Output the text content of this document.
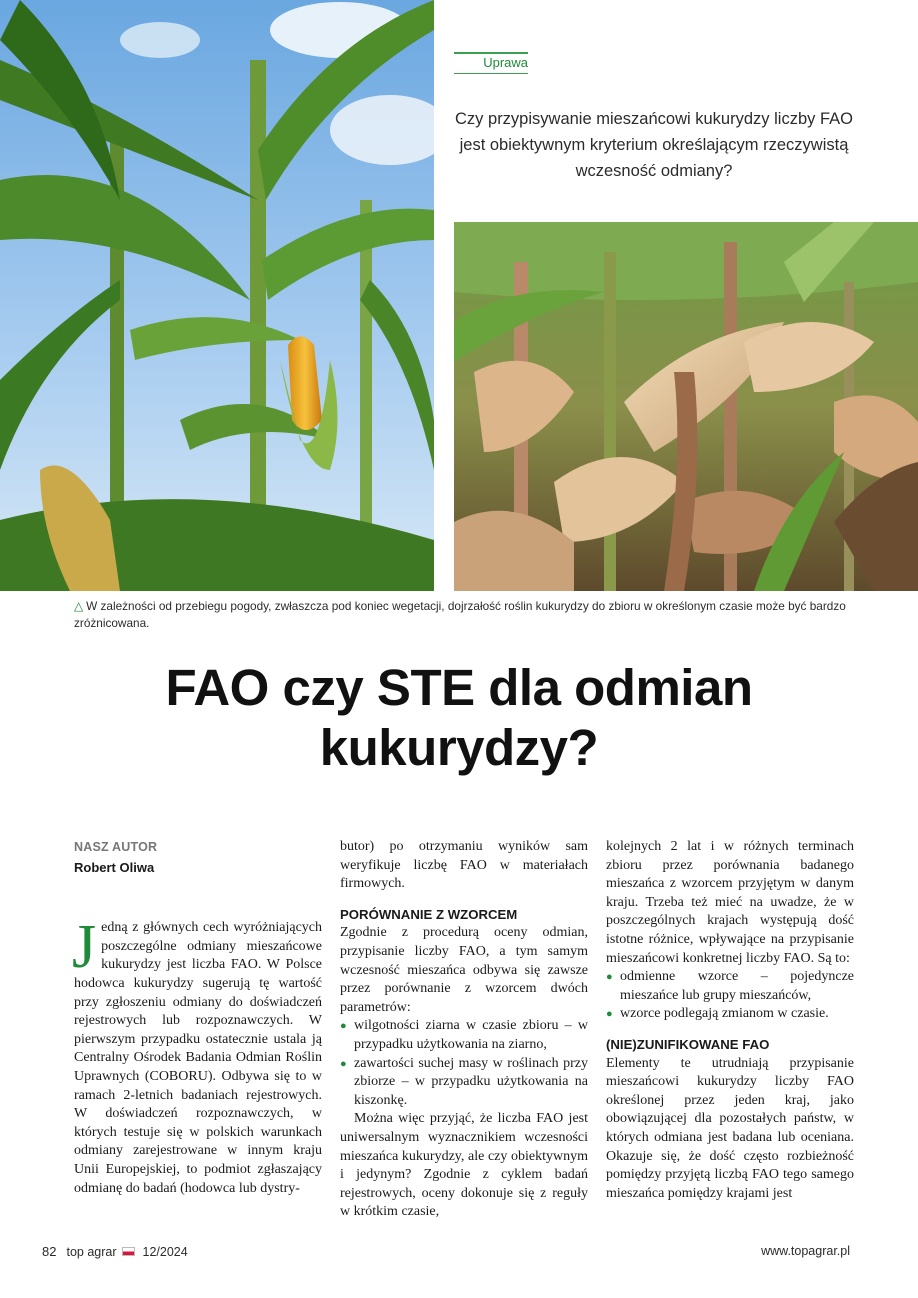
Uprawa
Czy przypisywanie mieszańcowi kukurydzy liczby FAO jest obiektywnym kryterium określającym rzeczywistą wczesność odmiany?
△ W zależności od przebiegu pogody, zwłaszcza pod koniec wegetacji, dojrzałość roślin kukurydzy do zbioru w określonym czasie może być bardzo zróżnicowana.
FAO czy STE dla odmian kukurydzy?
NASZ AUTOR
Robert Oliwa

Jedną z głównych cech wyróżniających poszczególne odmiany mieszańcowe kukurydzy jest liczba FAO. W Polsce hodowca kukurydzy sugerują tę wartość przy zgłoszeniu odmiany do doświadczeń rejestrowych lub rozpoznawczych. W pierwszym przypadku ostatecznie ustala ją Centralny Ośrodek Badania Odmian Roślin Uprawnych (COBORU). Odbywa się to w ramach 2-letnich badaniach rejestrowych. W doświadczeń rozpoznawczych, w których testuje się w polskich warunkach odmiany zarejestrowane w innym kraju Unii Europejskiej, to podmiot zgłaszający odmianę do badań (hodowca lub dystry-

butor) po otrzymaniu wyników sam weryfikuje liczbę FAO w materiałach firmowych.

PORÓWNANIE Z WZORCEM

Zgodnie z procedurą oceny odmian, przypisanie liczby FAO, a tym samym wczesność mieszańca odbywa się zawsze przez porównanie z wzorcem dwóch parametrów:

● wilgotności ziarna w czasie zbioru – w przypadku użytkowania na ziarno,
● zawartości suchej masy w roślinach przy zbiorze – w przypadku użytkowania na kiszonkę.

Można więc przyjąć, że liczba FAO jest uniwersalnym wyznacznikiem wczesności mieszańca kukurydzy, ale czy obiektywnym i jedynym? Zgodnie z cyklem badań rejestrowych, oceny dokonuje się z reguły w krótkim czasie,

kolejnych 2 lat i w różnych terminach zbioru przez porównania badanego mieszańca z wzorcem przyjętym w danym kraju. Trzeba też mieć na uwadze, że w poszczególnych krajach występują dość istotne różnice, wpływające na przypisanie mieszańcowi konkretnej liczby FAO. Są to:

● odmienne wzorce – pojedyncze mieszańce lub grupy mieszańców,
● wzorce podlegają zmianom w czasie.
(NIE)ZUNIFIKOWANE FAO

Elementy te utrudniają przypisanie mieszańcowi kukurydzy liczby FAO określonej przez jeden kraj, jako obowiązującej dla pozostałych państw, w których odmiana jest badana lub oceniana. Okazuje się, że dość często rozbieżność pomiędzy przyjętą liczbą FAO tego samego mieszańca pomiędzy krajami jest

82 top agrar 12/2024	www.topagrar.pl
